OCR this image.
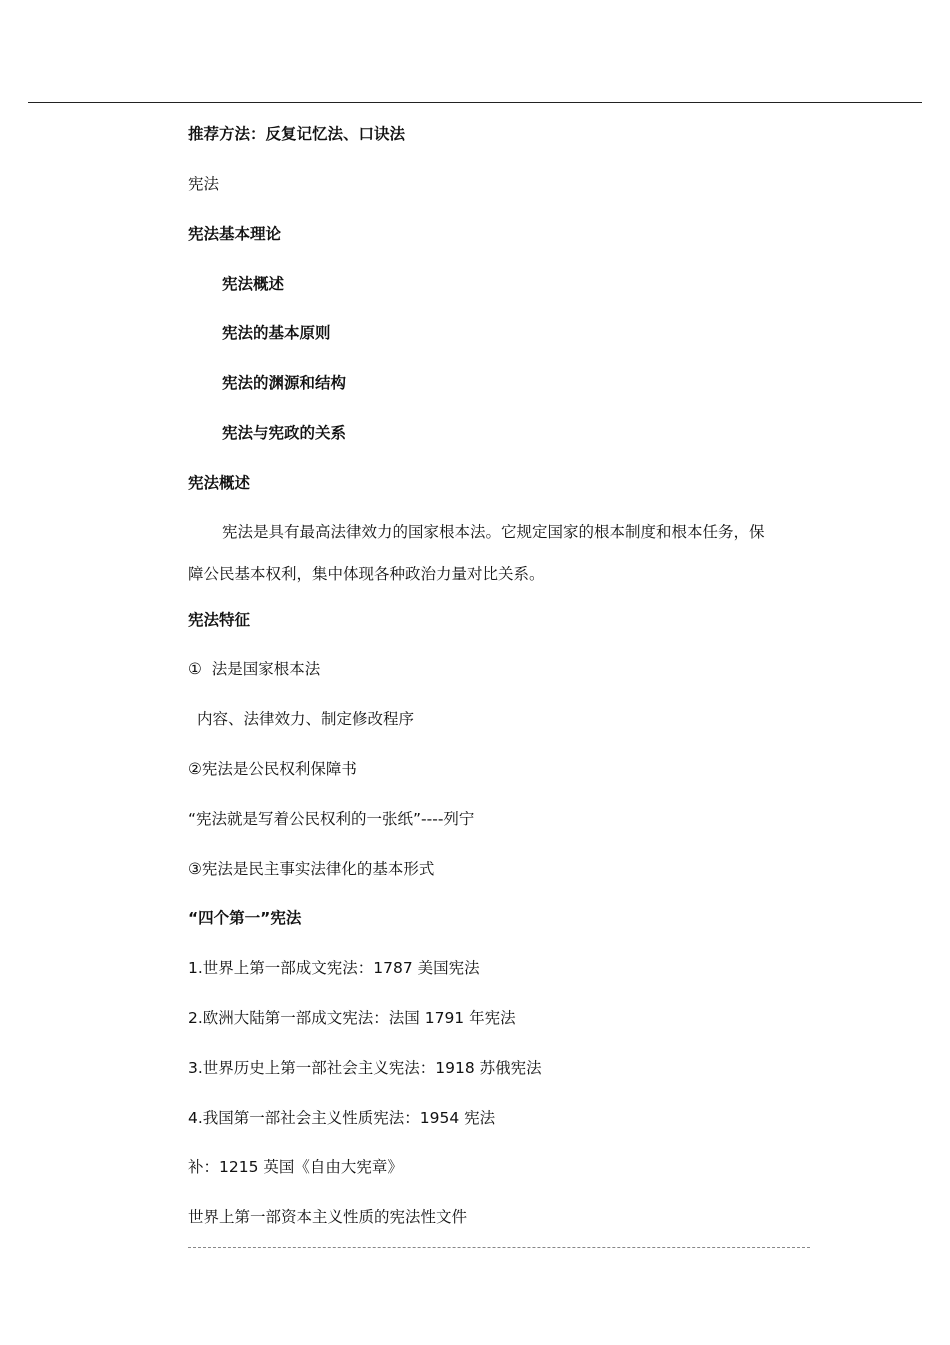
推荐方法：反复记忆法、口诀法
宪法
宪法基本理论
宪法概述
宪法的基本原则
宪法的渊源和结构
宪法与宪政的关系
宪法概述
宪法是具有最高法律效力的国家根本法。它规定国家的根本制度和根本任务，保
障公民基本权利，集中体现各种政治力量对比关系。
宪法特征
①  法是国家根本法
内容、法律效力、制定修改程序
②宪法是公民权利保障书
“宪法就是写着公民权利的一张纸”----列宁
③宪法是民主事实法律化的基本形式
“四个第一”宪法
1.世界上第一部成文宪法：1787 美国宪法
2.欧洲大陆第一部成文宪法：法国 1791 年宪法
3.世界历史上第一部社会主义宪法：1918 苏俄宪法
4.我国第一部社会主义性质宪法：1954 宪法
补：1215 英国《自由大宪章》
世界上第一部资本主义性质的宪法性文件
